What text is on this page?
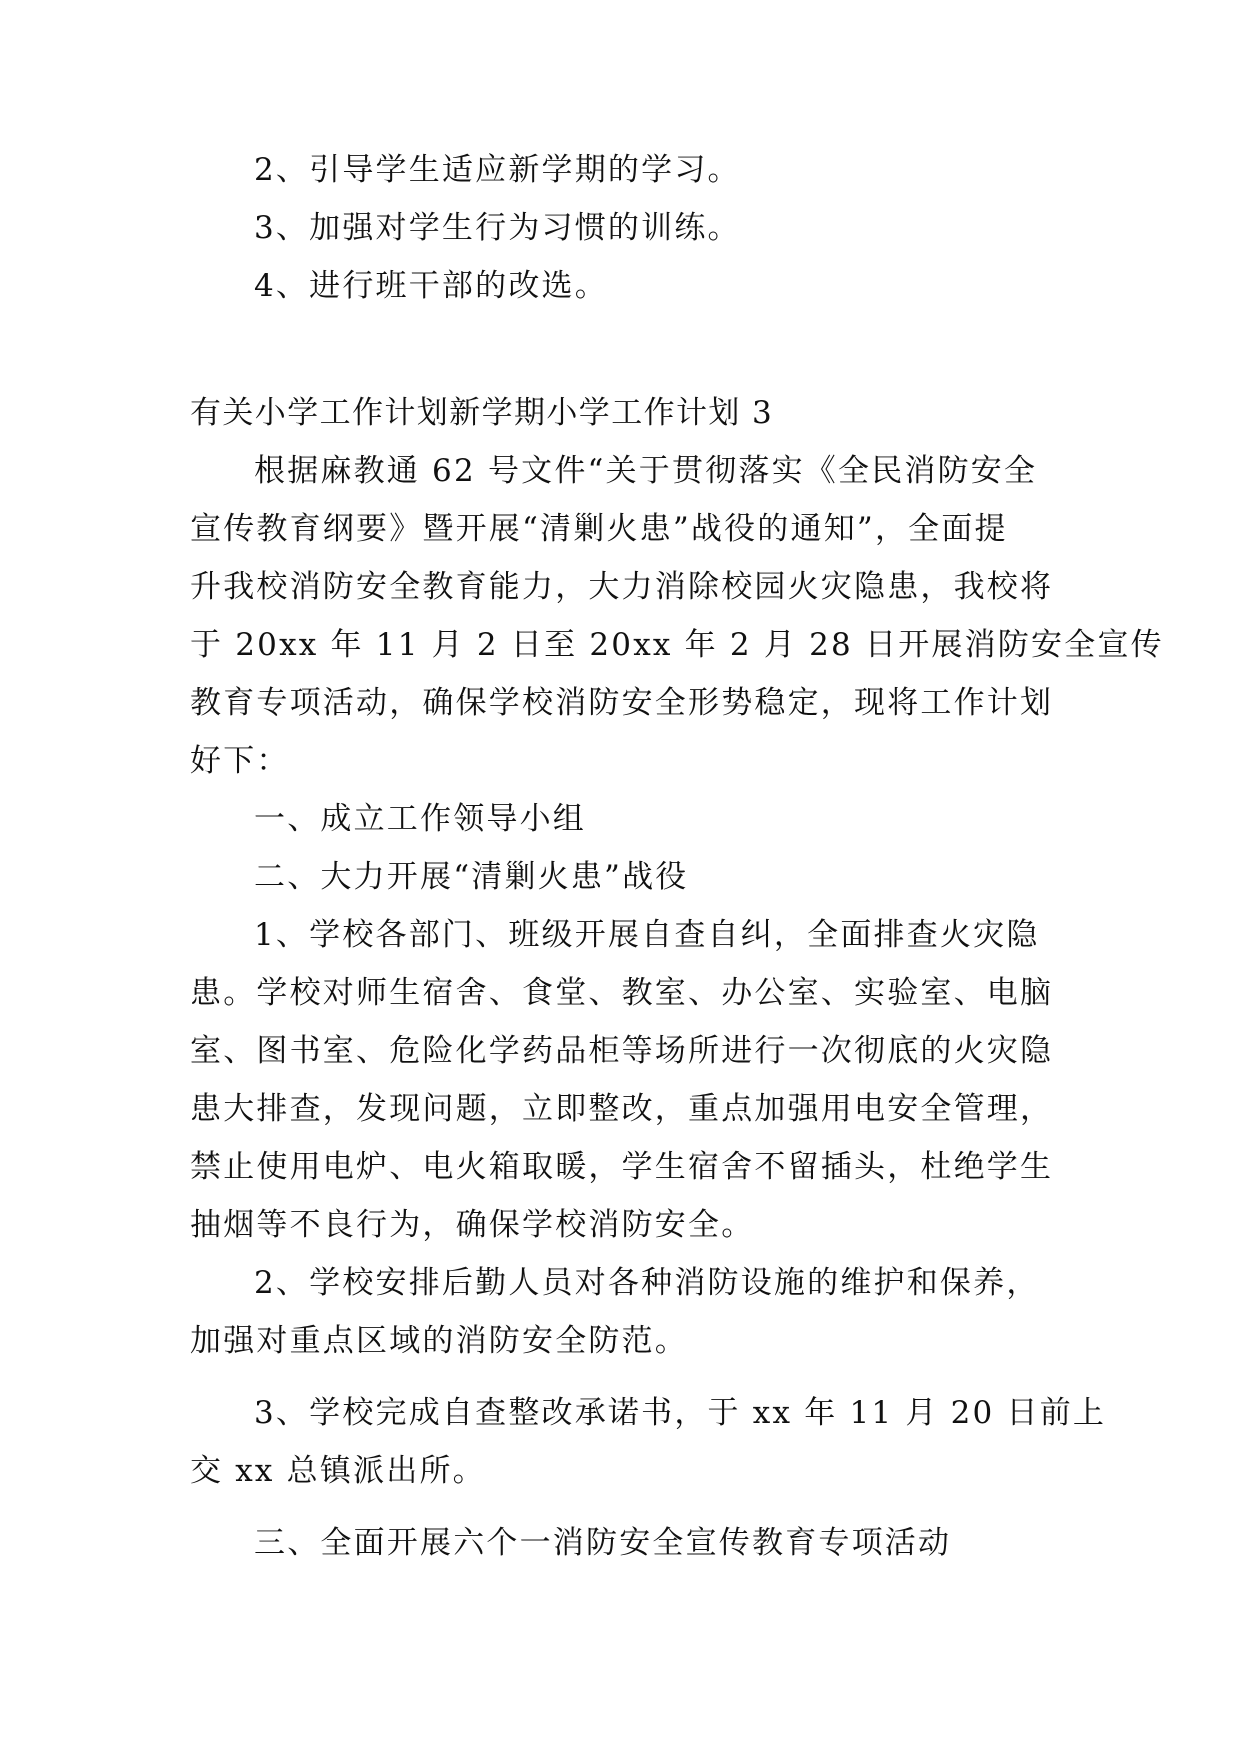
2、引导学生适应新学期的学习。
3、加强对学生行为习惯的训练。
4、进行班干部的改选。
有关小学工作计划新学期小学工作计划 3
根据麻教通 62 号文件“关于贯彻落实《全民消防安全
宣传教育纲要》暨开展“清剿火患”战役的通知”，全面提
升我校消防安全教育能力，大力消除校园火灾隐患，我校将
于 20xx 年 11 月 2 日至 20xx 年 2 月 28 日开展消防安全宣传
教育专项活动，确保学校消防安全形势稳定，现将工作计划
好下：
一、成立工作领导小组
二、大力开展“清剿火患”战役
1、学校各部门、班级开展自查自纠，全面排查火灾隐
患。学校对师生宿舍、食堂、教室、办公室、实验室、电脑
室、图书室、危险化学药品柜等场所进行一次彻底的火灾隐
患大排查，发现问题，立即整改，重点加强用电安全管理，
禁止使用电炉、电火箱取暖，学生宿舍不留插头，杜绝学生
抽烟等不良行为，确保学校消防安全。
2、学校安排后勤人员对各种消防设施的维护和保养，
加强对重点区域的消防安全防范。
3、学校完成自查整改承诺书，于 xx 年 11 月 20 日前上
交 xx 总镇派出所。
三、全面开展六个一消防安全宣传教育专项活动
